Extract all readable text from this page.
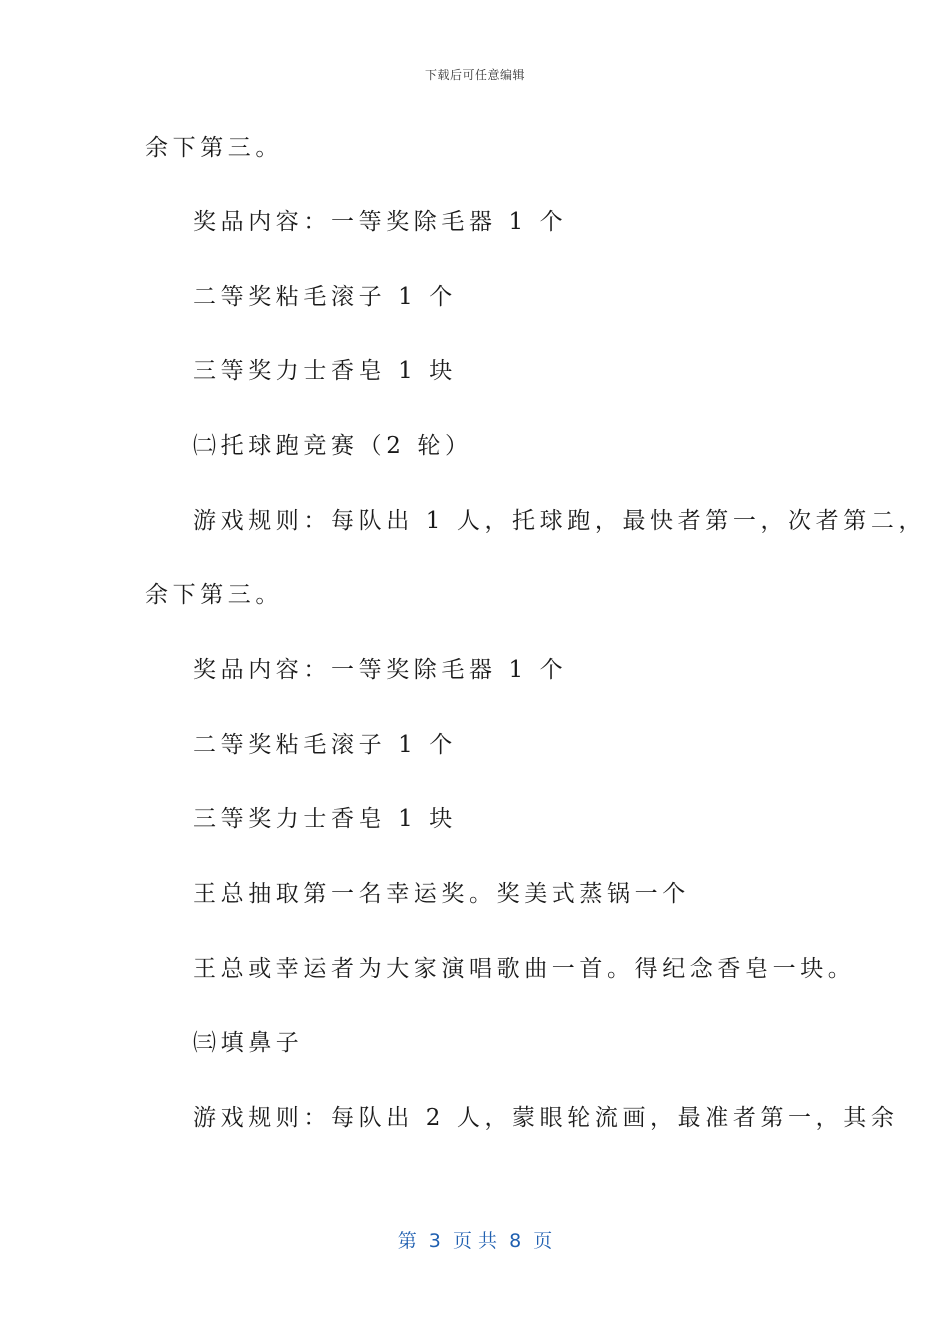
下载后可任意编辑
余下第三。
奖品内容：一等奖除毛器 1 个
二等奖粘毛滚子 1 个
三等奖力士香皂 1 块
㈡托球跑竞赛（2 轮）
游戏规则：每队出 1 人，托球跑，最快者第一，次者第二，
余下第三。
奖品内容：一等奖除毛器 1 个
二等奖粘毛滚子 1 个
三等奖力士香皂 1 块
王总抽取第一名幸运奖。奖美式蒸锅一个
王总或幸运者为大家演唱歌曲一首。得纪念香皂一块。
㈢填鼻子
游戏规则：每队出 2 人，蒙眼轮流画，最准者第一，其余
第  3  页 共  8  页
